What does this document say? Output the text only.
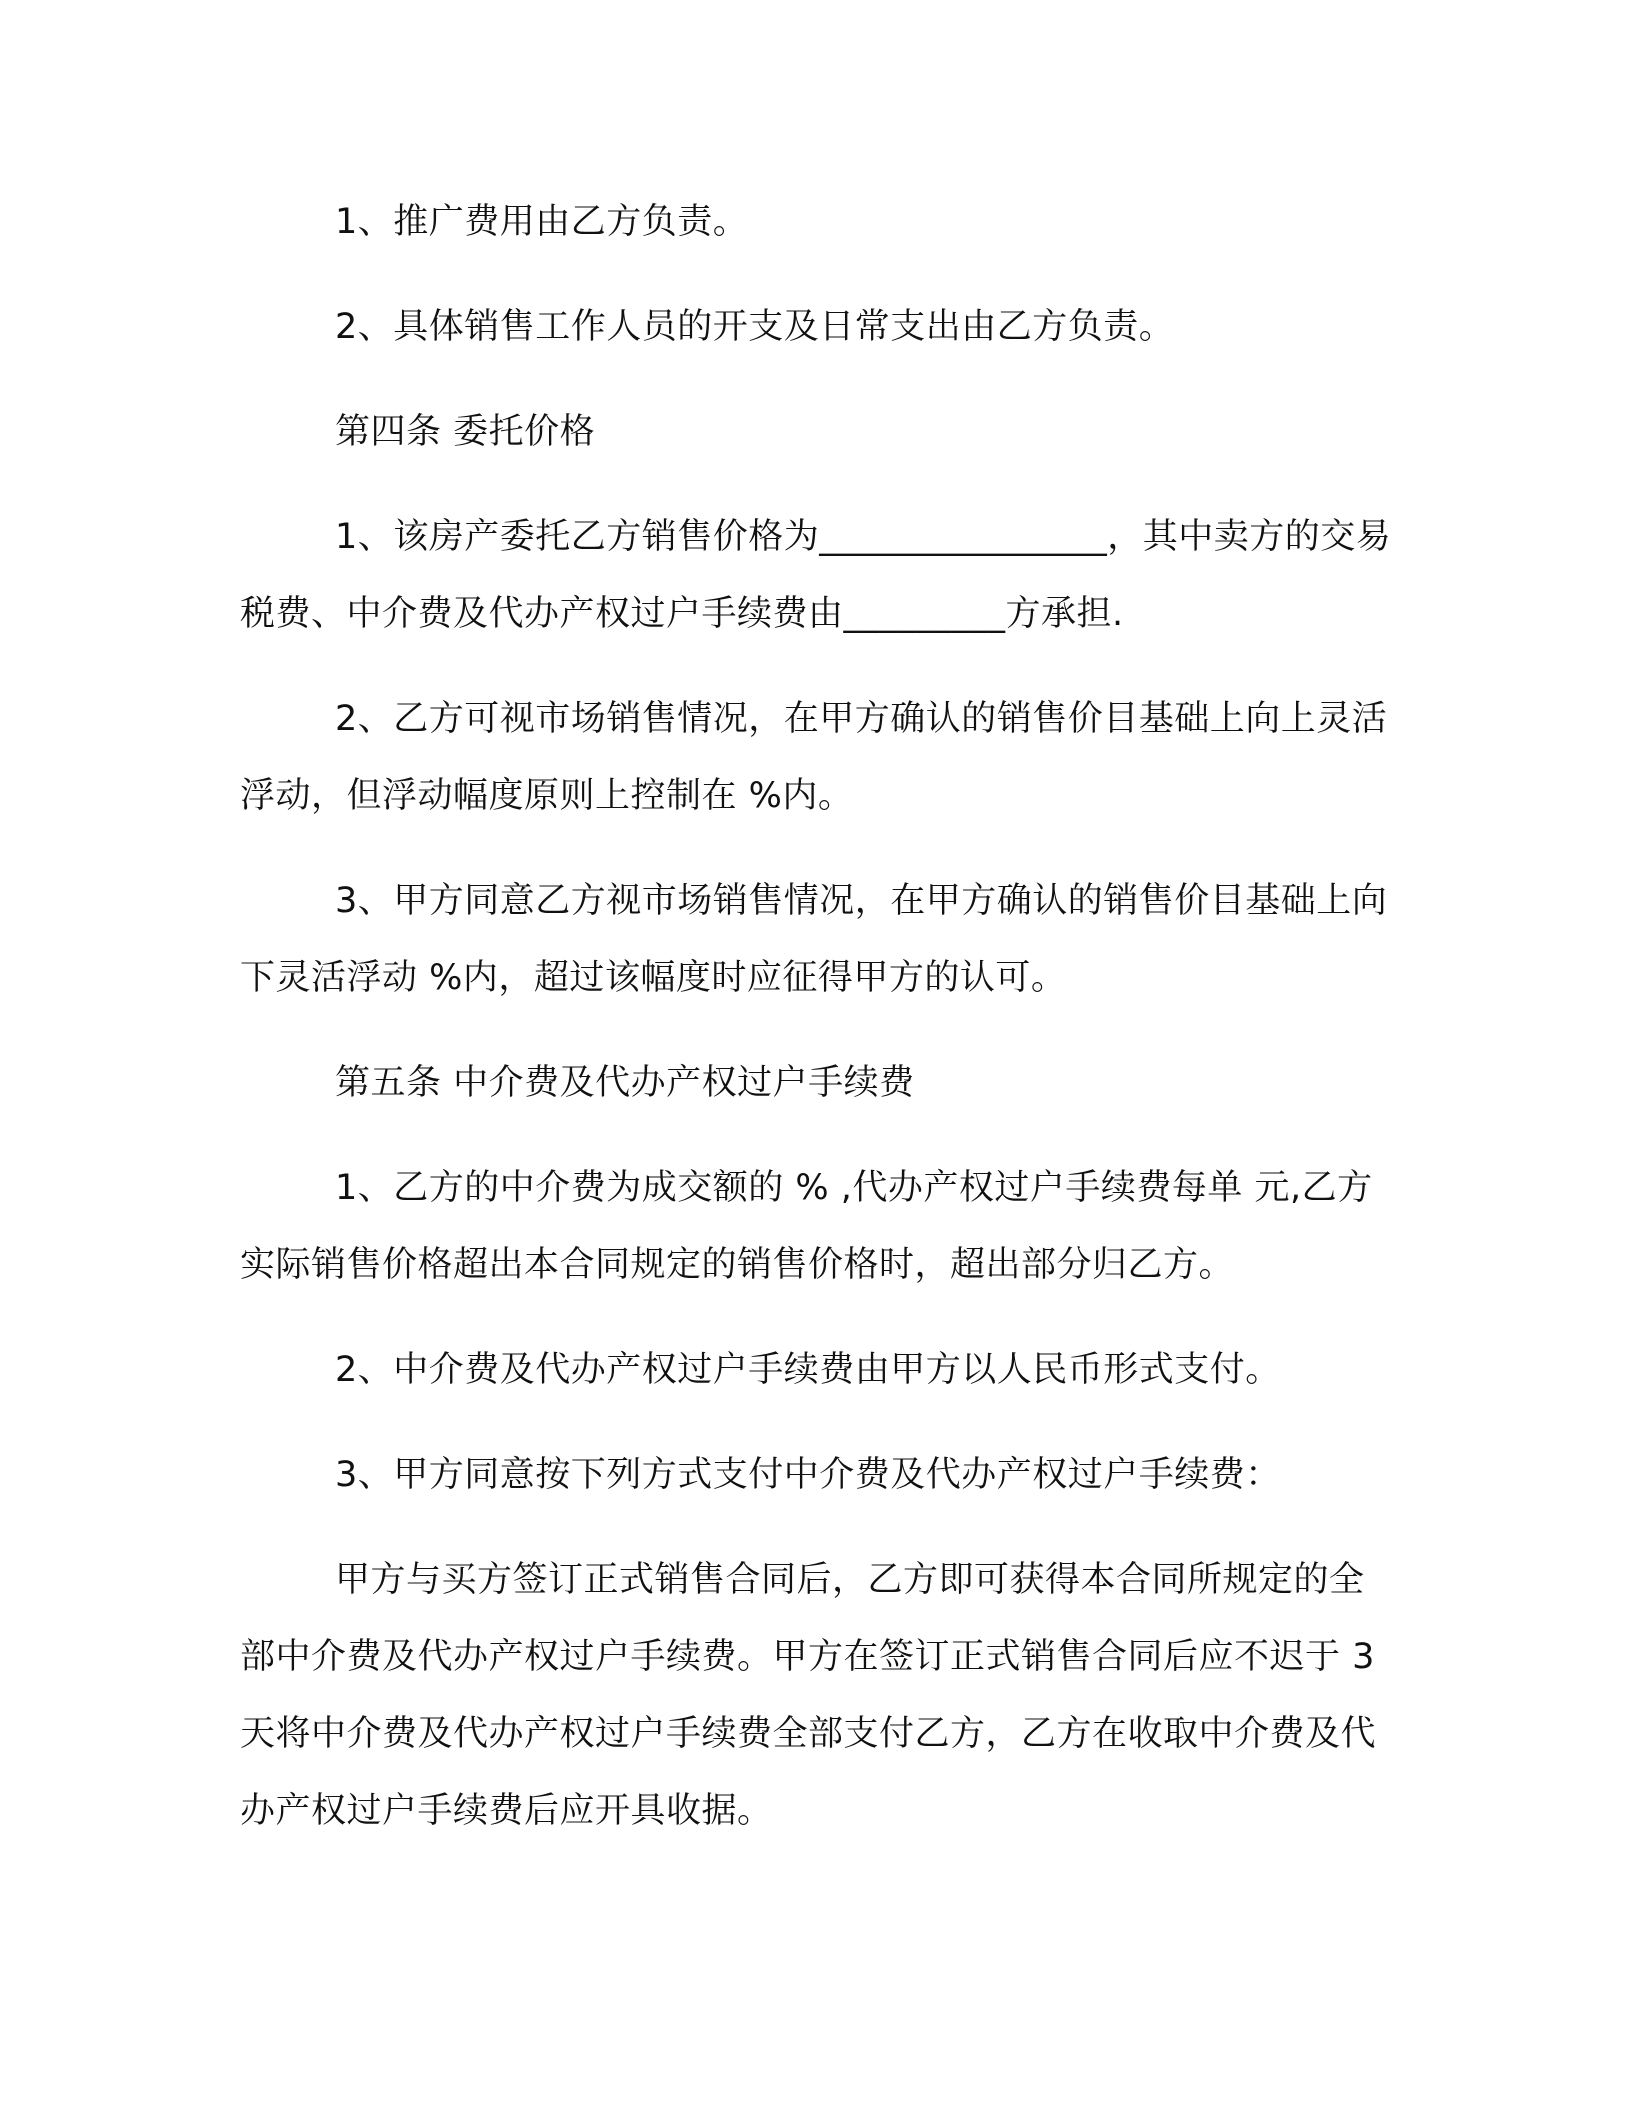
1、推广费用由乙方负责。

2、具体销售工作人员的开支及日常支出由乙方负责。

第四条 委托价格

1、该房产委托乙方销售价格为________________，其中卖方的交易税费、中介费及代办产权过户手续费由_________方承担.

2、乙方可视市场销售情况，在甲方确认的销售价目基础上向上灵活浮动，但浮动幅度原则上控制在 %内。

3、甲方同意乙方视市场销售情况，在甲方确认的销售价目基础上向下灵活浮动 %内，超过该幅度时应征得甲方的认可。

第五条 中介费及代办产权过户手续费

1、乙方的中介费为成交额的 % ,代办产权过户手续费每单 元,乙方实际销售价格超出本合同规定的销售价格时，超出部分归乙方。

2、中介费及代办产权过户手续费由甲方以人民币形式支付。

3、甲方同意按下列方式支付中介费及代办产权过户手续费：

甲方与买方签订正式销售合同后，乙方即可获得本合同所规定的全部中介费及代办产权过户手续费。甲方在签订正式销售合同后应不迟于 3 天将中介费及代办产权过户手续费全部支付乙方，乙方在收取中介费及代办产权过户手续费后应开具收据。
